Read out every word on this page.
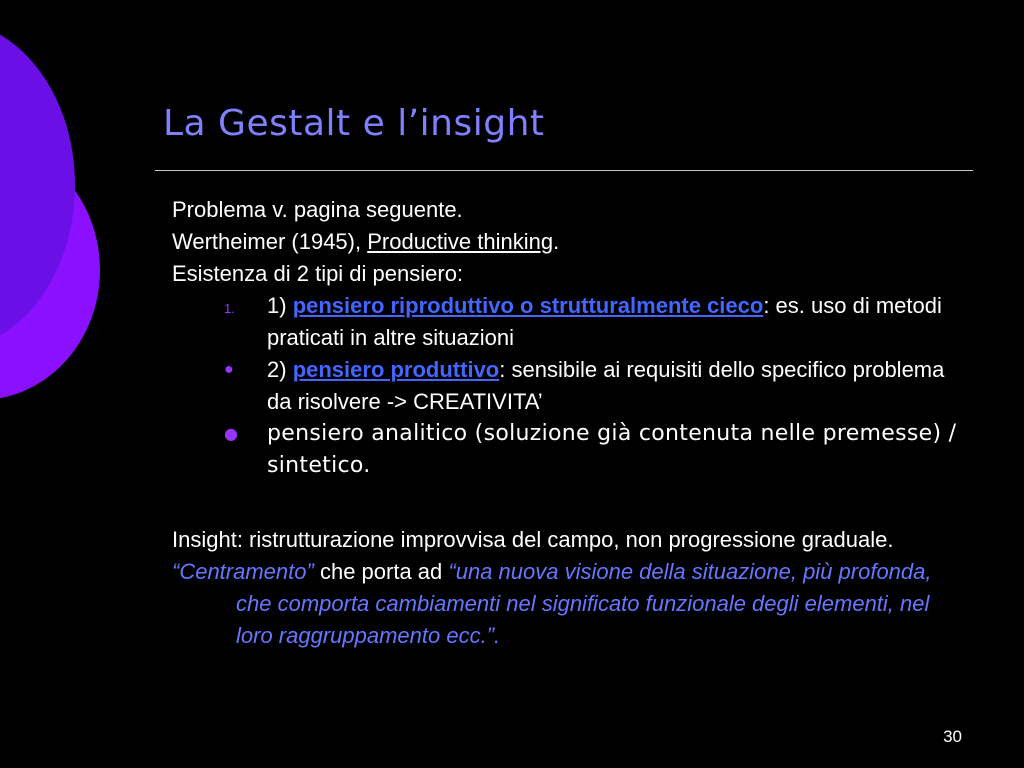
La Gestalt e l’insight

Problema v. pagina seguente.

Wertheimer (1945), Productive thinking.

Esistenza di 2 tipi di pensiero:

1. 1) pensiero riproduttivo o strutturalmente cieco: es. uso di metodi praticati in altre situazioni
● 2) pensiero produttivo: sensibile ai requisiti dello specifico problema da risolvere -> CREATIVITA’
● pensiero analitico (soluzione già contenuta nelle premesse) / sintetico.

Insight: ristrutturazione improvvisa del campo, non progressione graduale.

“Centramento” che porta ad “una nuova visione della situazione, più profonda, che comporta cambiamenti nel significato funzionale degli elementi, nel loro raggruppamento ecc.”.

30
